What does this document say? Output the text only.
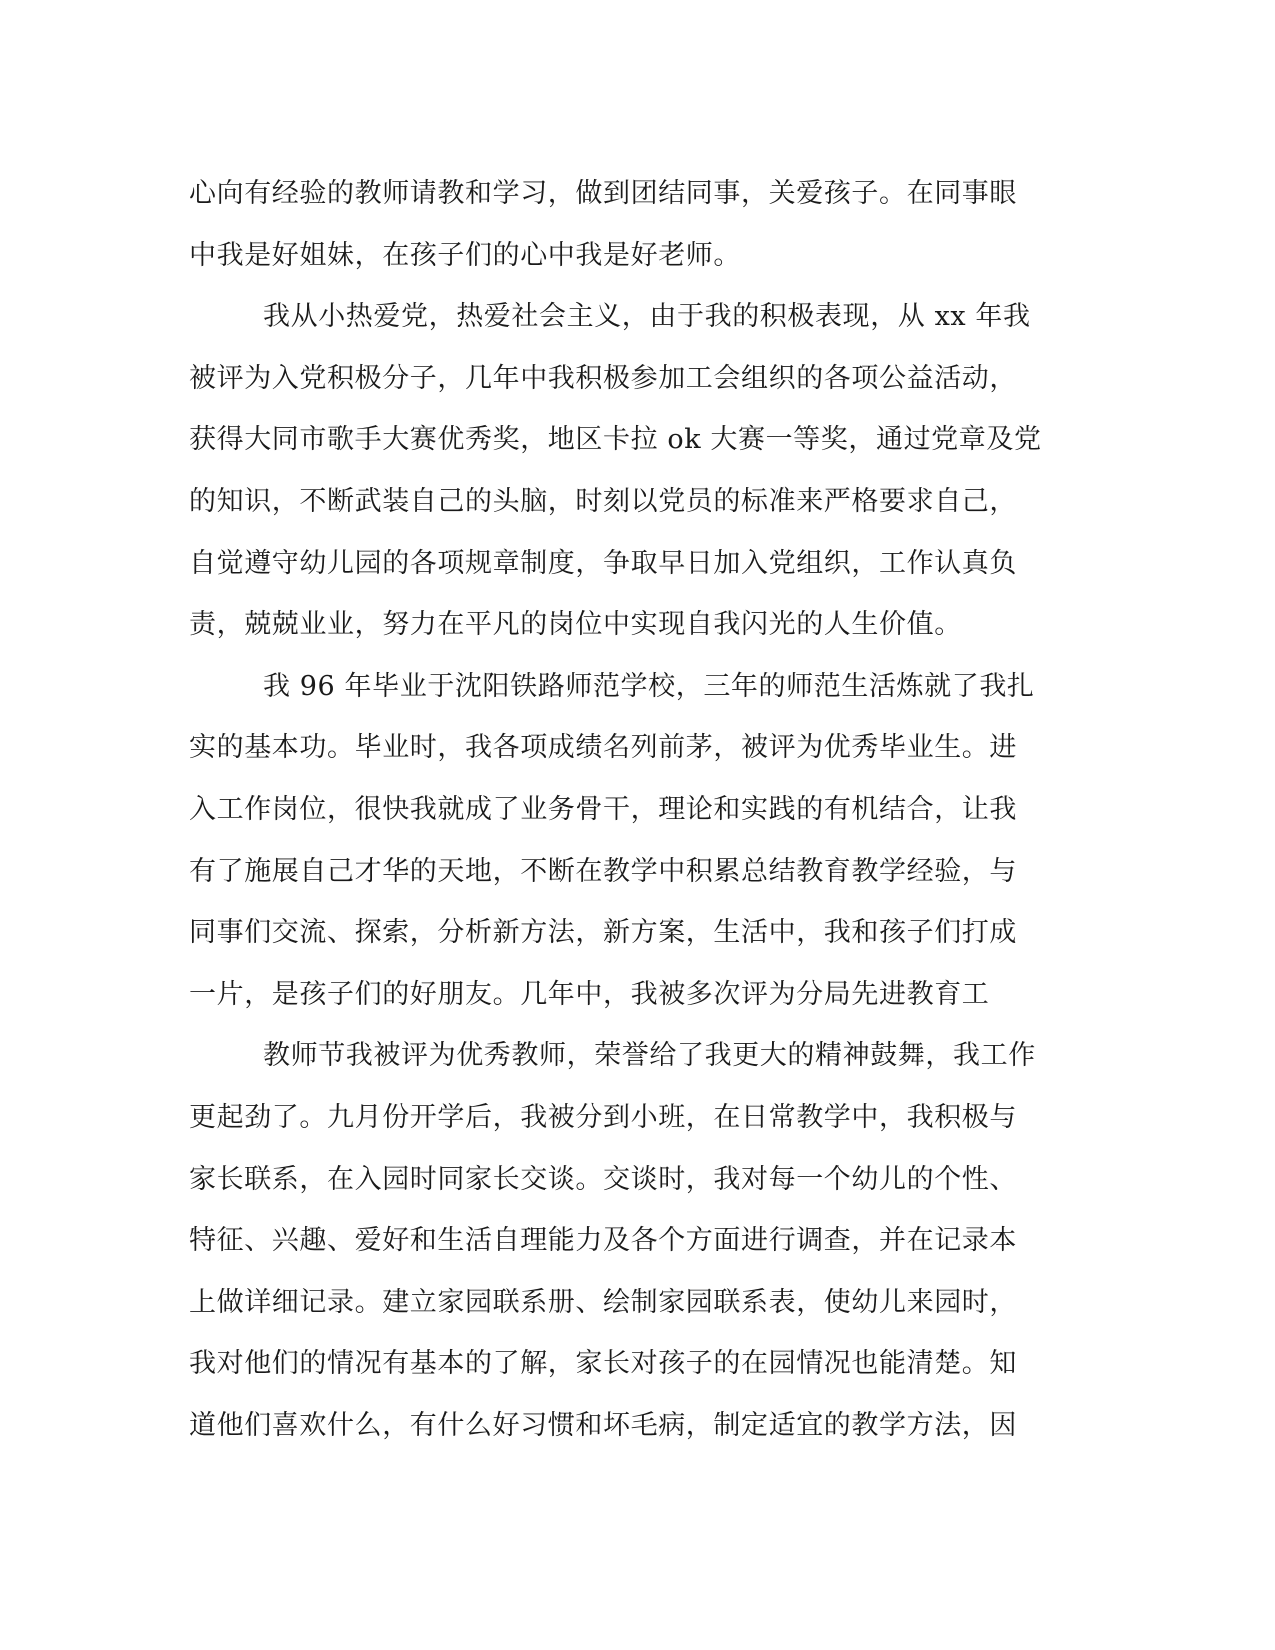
心向有经验的教师请教和学习，做到团结同事，关爱孩子。在同事眼
中我是好姐妹，在孩子们的心中我是好老师。
我从小热爱党，热爱社会主义，由于我的积极表现，从 xx 年我
被评为入党积极分子，几年中我积极参加工会组织的各项公益活动，
获得大同市歌手大赛优秀奖，地区卡拉 ok 大赛一等奖，通过党章及党
的知识，不断武装自己的头脑，时刻以党员的标准来严格要求自己，
自觉遵守幼儿园的各项规章制度，争取早日加入党组织，工作认真负
责，兢兢业业，努力在平凡的岗位中实现自我闪光的人生价值。
我 96 年毕业于沈阳铁路师范学校，三年的师范生活炼就了我扎
实的基本功。毕业时，我各项成绩名列前茅，被评为优秀毕业生。进
入工作岗位，很快我就成了业务骨干，理论和实践的有机结合，让我
有了施展自己才华的天地，不断在教学中积累总结教育教学经验，与
同事们交流、探索，分析新方法，新方案，生活中，我和孩子们打成
一片，是孩子们的好朋友。几年中，我被多次评为分局先进教育工
教师节我被评为优秀教师，荣誉给了我更大的精神鼓舞，我工作
更起劲了。九月份开学后，我被分到小班，在日常教学中，我积极与
家长联系，在入园时同家长交谈。交谈时，我对每一个幼儿的个性、
特征、兴趣、爱好和生活自理能力及各个方面进行调查，并在记录本
上做详细记录。建立家园联系册、绘制家园联系表，使幼儿来园时，
我对他们的情况有基本的了解，家长对孩子的在园情况也能清楚。知
道他们喜欢什么，有什么好习惯和坏毛病，制定适宜的教学方法，因
